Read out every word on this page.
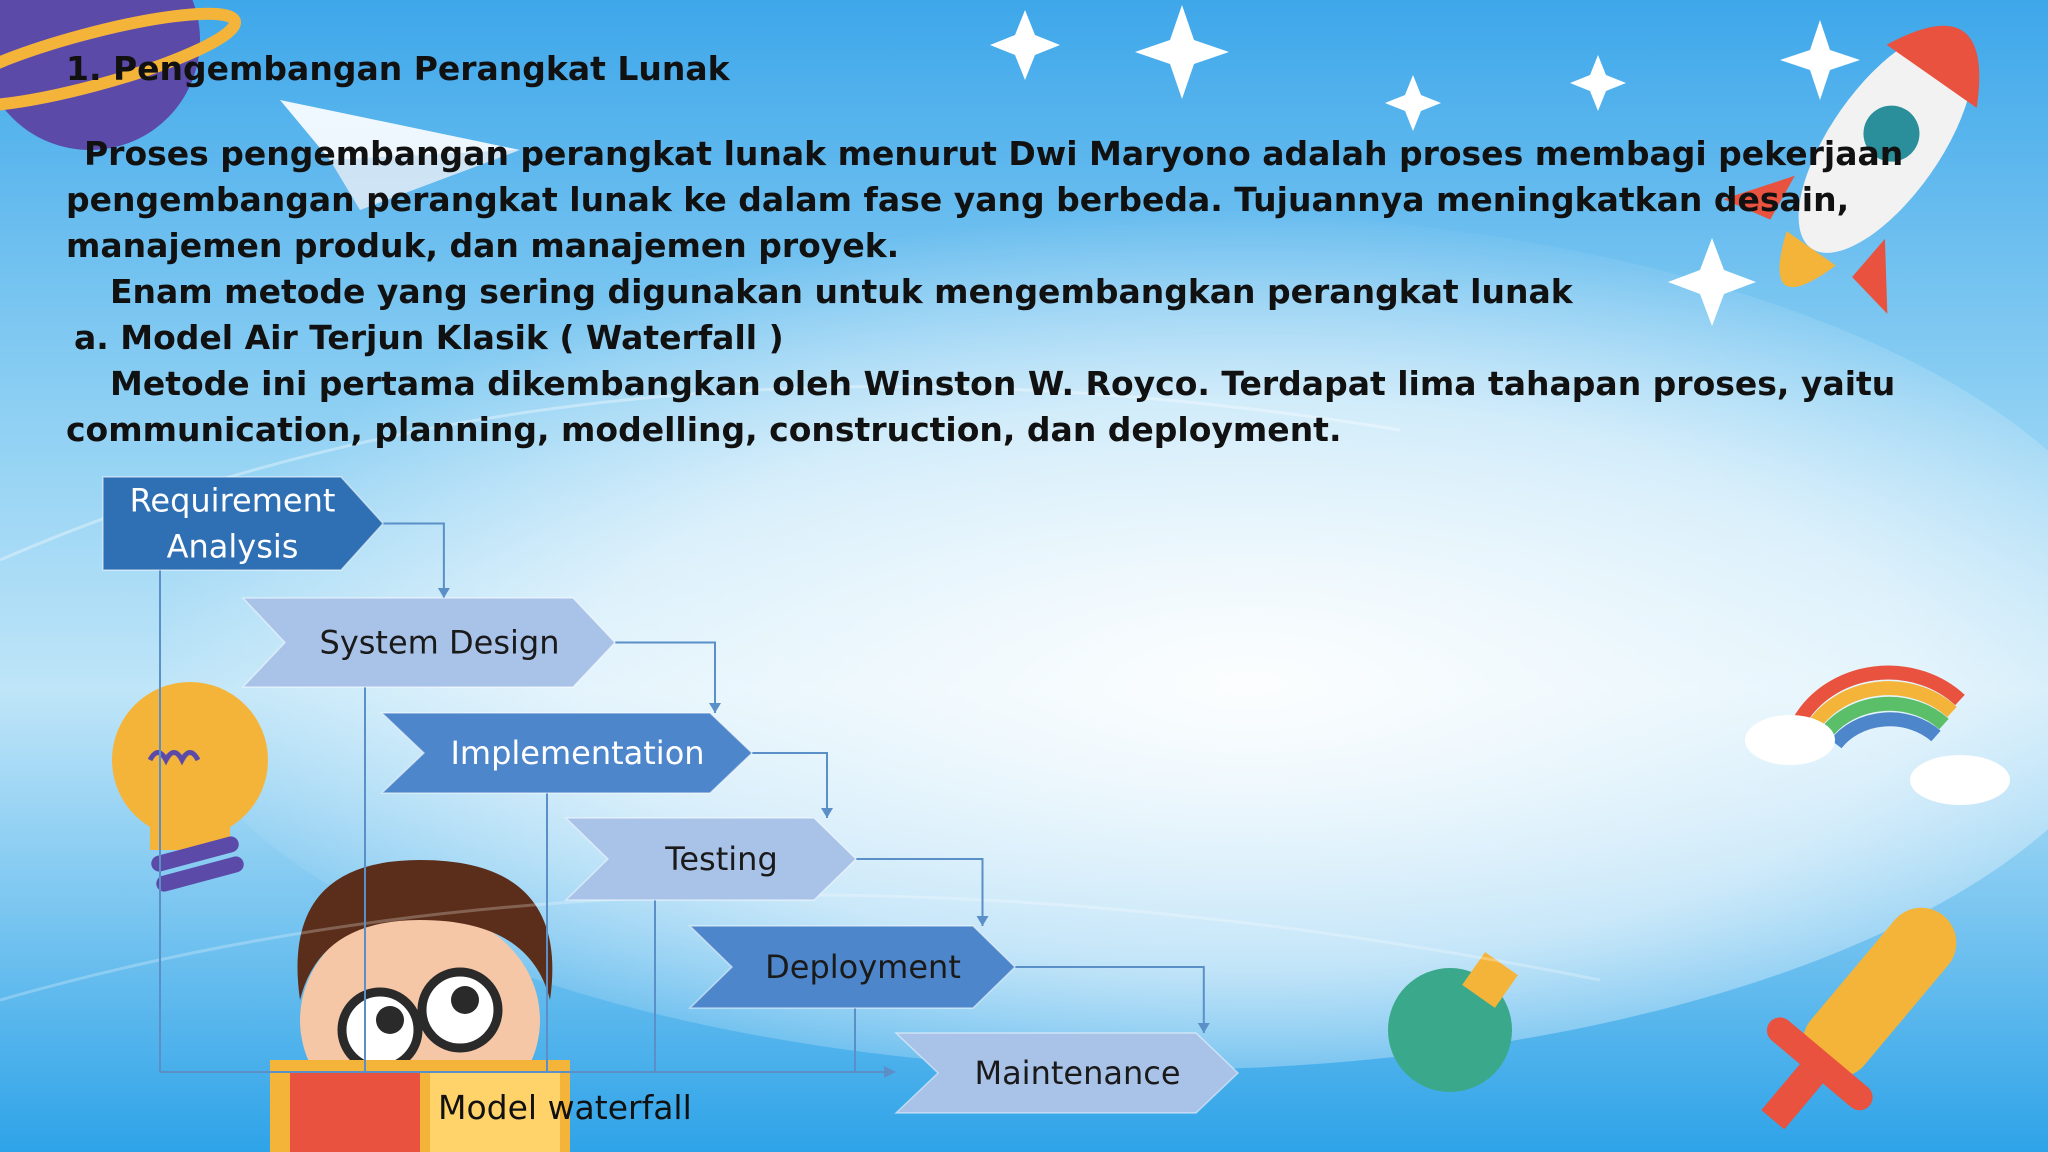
1. Pengembangan Perangkat Lunak

Proses pengembangan perangkat lunak menurut Dwi Maryono adalah proses membagi pekerjaan pengembangan perangkat lunak ke dalam fase yang berbeda. Tujuannya meningkatkan desain, manajemen produk, dan manajemen proyek.

Enam metode yang sering digunakan untuk mengembangkan perangkat lunak

a. Model Air Terjun Klasik ( Waterfall )

Metode ini pertama dikembangkan oleh Winston W. Royco. Terdapat lima tahapan proses, yaitu communication, planning, modelling, construction, dan deployment.

Requirement
Analysis
System Design
Implementation
Testing
Deployment
Maintenance
Model waterfall
